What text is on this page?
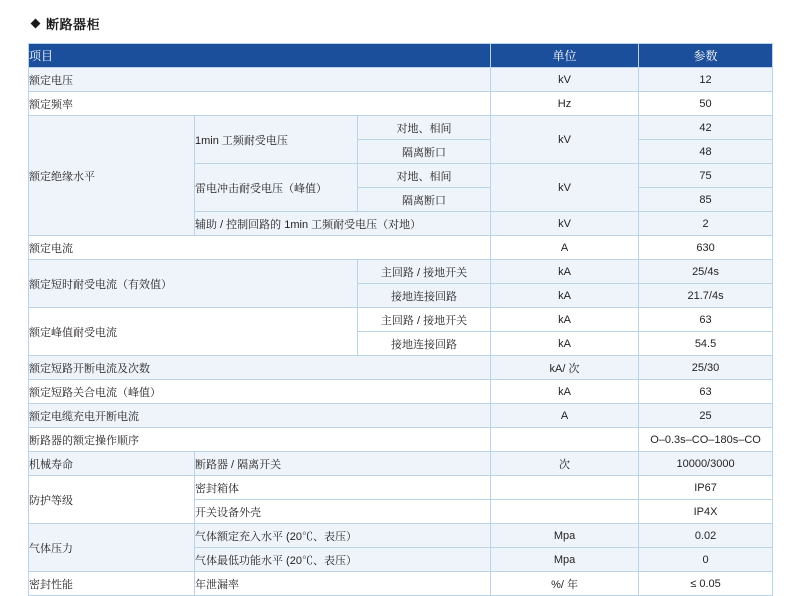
断路器柜
项目			单位	参数
额定电压			kV	12
额定频率			Hz	50
额定绝缘水平	1min 工频耐受电压	对地、相间	kV	42
		隔离断口		48
	雷电冲击耐受电压（峰值）	对地、相间	kV	75
		隔离断口		85
	辅助 / 控制回路的 1min 工频耐受电压（对地）		kV	2
额定电流			A	630
额定短时耐受电流（有效值）		主回路 / 接地开关	kA	25/4s
		接地连接回路	kA	21.7/4s
额定峰值耐受电流		主回路 / 接地开关	kA	63
		接地连接回路	kA	54.5
额定短路开断电流及次数			kA/ 次	25/30
额定短路关合电流（峰值）			kA	63
额定电缆充电开断电流			A	25
断路器的额定操作顺序				O–0.3s–CO–180s–CO
机械寿命	断路器 / 隔离开关		次	10000/3000
防护等级	密封箱体			IP67
	开关设备外壳			IP4X
气体压力	气体额定充入水平 (20℃、表压）		Mpa	0.02
	气体最低功能水平 (20℃、表压）		Mpa	0
密封性能	年泄漏率		%/ 年	≤ 0.05
